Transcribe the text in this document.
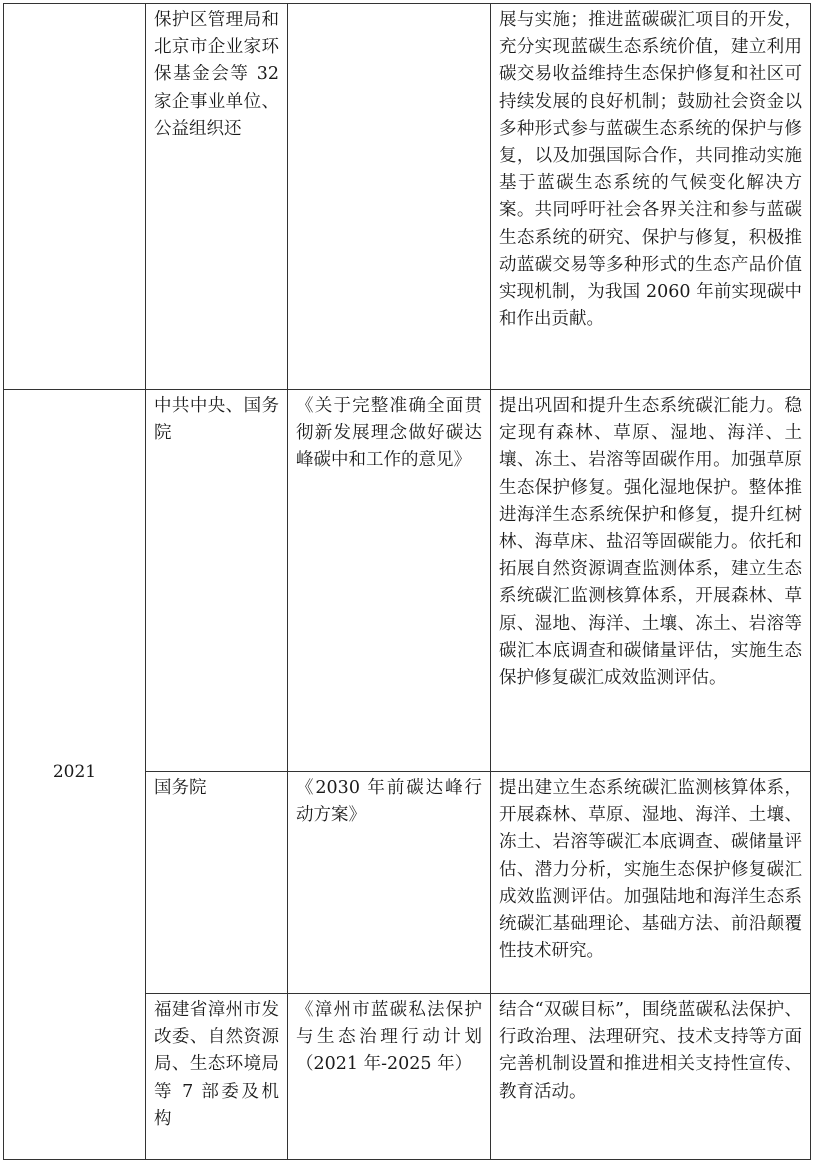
	保护区管理局和北京市企业家环保基金会等 32 家企事业单位、公益组织还		展与实施；推进蓝碳碳汇项目的开发，充分实现蓝碳生态系统价值，建立利用碳交易收益维持生态保护修复和社区可持续发展的良好机制；鼓励社会资金以多种形式参与蓝碳生态系统的保护与修复，以及加强国际合作，共同推动实施基于蓝碳生态系统的气候变化解决方案。共同呼吁社会各界关注和参与蓝碳生态系统的研究、保护与修复，积极推动蓝碳交易等多种形式的生态产品价值实现机制，为我国 2060 年前实现碳中和作出贡献。
2021	中共中央、国务院	《关于完整准确全面贯彻新发展理念做好碳达峰碳中和工作的意见》	提出巩固和提升生态系统碳汇能力。稳定现有森林、草原、湿地、海洋、土壤、冻土、岩溶等固碳作用。加强草原生态保护修复。强化湿地保护。整体推进海洋生态系统保护和修复，提升红树林、海草床、盐沼等固碳能力。依托和拓展自然资源调查监测体系，建立生态系统碳汇监测核算体系，开展森林、草原、湿地、海洋、土壤、冻土、岩溶等碳汇本底调查和碳储量评估，实施生态保护修复碳汇成效监测评估。
	国务院	《2030 年前碳达峰行动方案》	提出建立生态系统碳汇监测核算体系，开展森林、草原、湿地、海洋、土壤、冻土、岩溶等碳汇本底调查、碳储量评估、潜力分析，实施生态保护修复碳汇成效监测评估。加强陆地和海洋生态系统碳汇基础理论、基础方法、前沿颠覆性技术研究。
	福建省漳州市发改委、自然资源局、生态环境局等 7 部委及机构	《漳州市蓝碳私法保护与生态治理行动计划（2021 年-2025 年）	结合“双碳目标”，围绕蓝碳私法保护、行政治理、法理研究、技术支持等方面完善机制设置和推进相关支持性宣传、教育活动。
